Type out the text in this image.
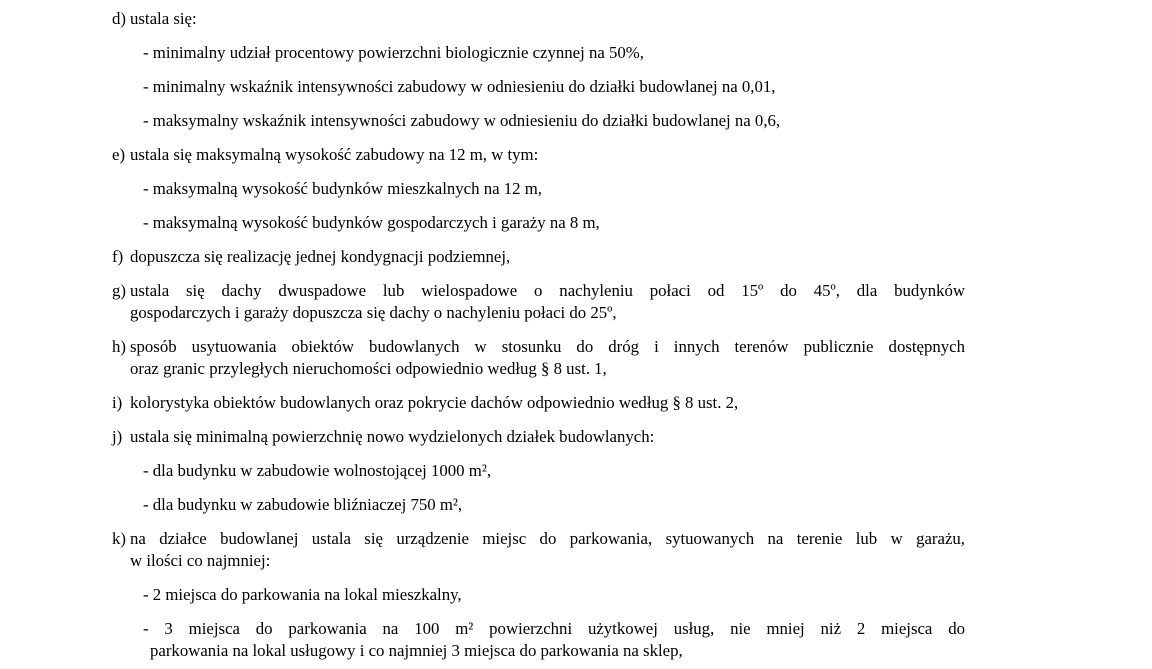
d) ustala się:
- minimalny udział procentowy powierzchni biologicznie czynnej na 50%,
- minimalny wskaźnik intensywności zabudowy w odniesieniu do działki budowlanej na 0,01,
- maksymalny wskaźnik intensywności zabudowy w odniesieniu do działki budowlanej na 0,6,
e) ustala się maksymalną wysokość zabudowy na 12 m, w tym:
- maksymalną wysokość budynków mieszkalnych na 12 m,
- maksymalną wysokość budynków gospodarczych i garaży na 8 m,
f) dopuszcza się realizację jednej kondygnacji podziemnej,
g) ustala się dachy dwuspadowe lub wielospadowe o nachyleniu połaci od 15º do 45º, dla budynków
gospodarczych i garaży dopuszcza się dachy o nachyleniu połaci do 25º,
h) sposób usytuowania obiektów budowlanych w stosunku do dróg i innych terenów publicznie dostępnych
oraz granic przyległych nieruchomości odpowiednio według § 8 ust. 1,
i) kolorystyka obiektów budowlanych oraz pokrycie dachów odpowiednio według § 8 ust. 2,
j) ustala się minimalną powierzchnię nowo wydzielonych działek budowlanych:
- dla budynku w zabudowie wolnostojącej 1000 m²,
- dla budynku w zabudowie bliźniaczej 750 m²,
k) na działce budowlanej ustala się urządzenie miejsc do parkowania, sytuowanych na terenie lub w garażu,
w ilości co najmniej:
- 2 miejsca do parkowania na lokal mieszkalny,
- 3 miejsca do parkowania na 100 m² powierzchni użytkowej usług, nie mniej niż 2 miejsca do
parkowania na lokal usługowy i co najmniej 3 miejsca do parkowania na sklep,
